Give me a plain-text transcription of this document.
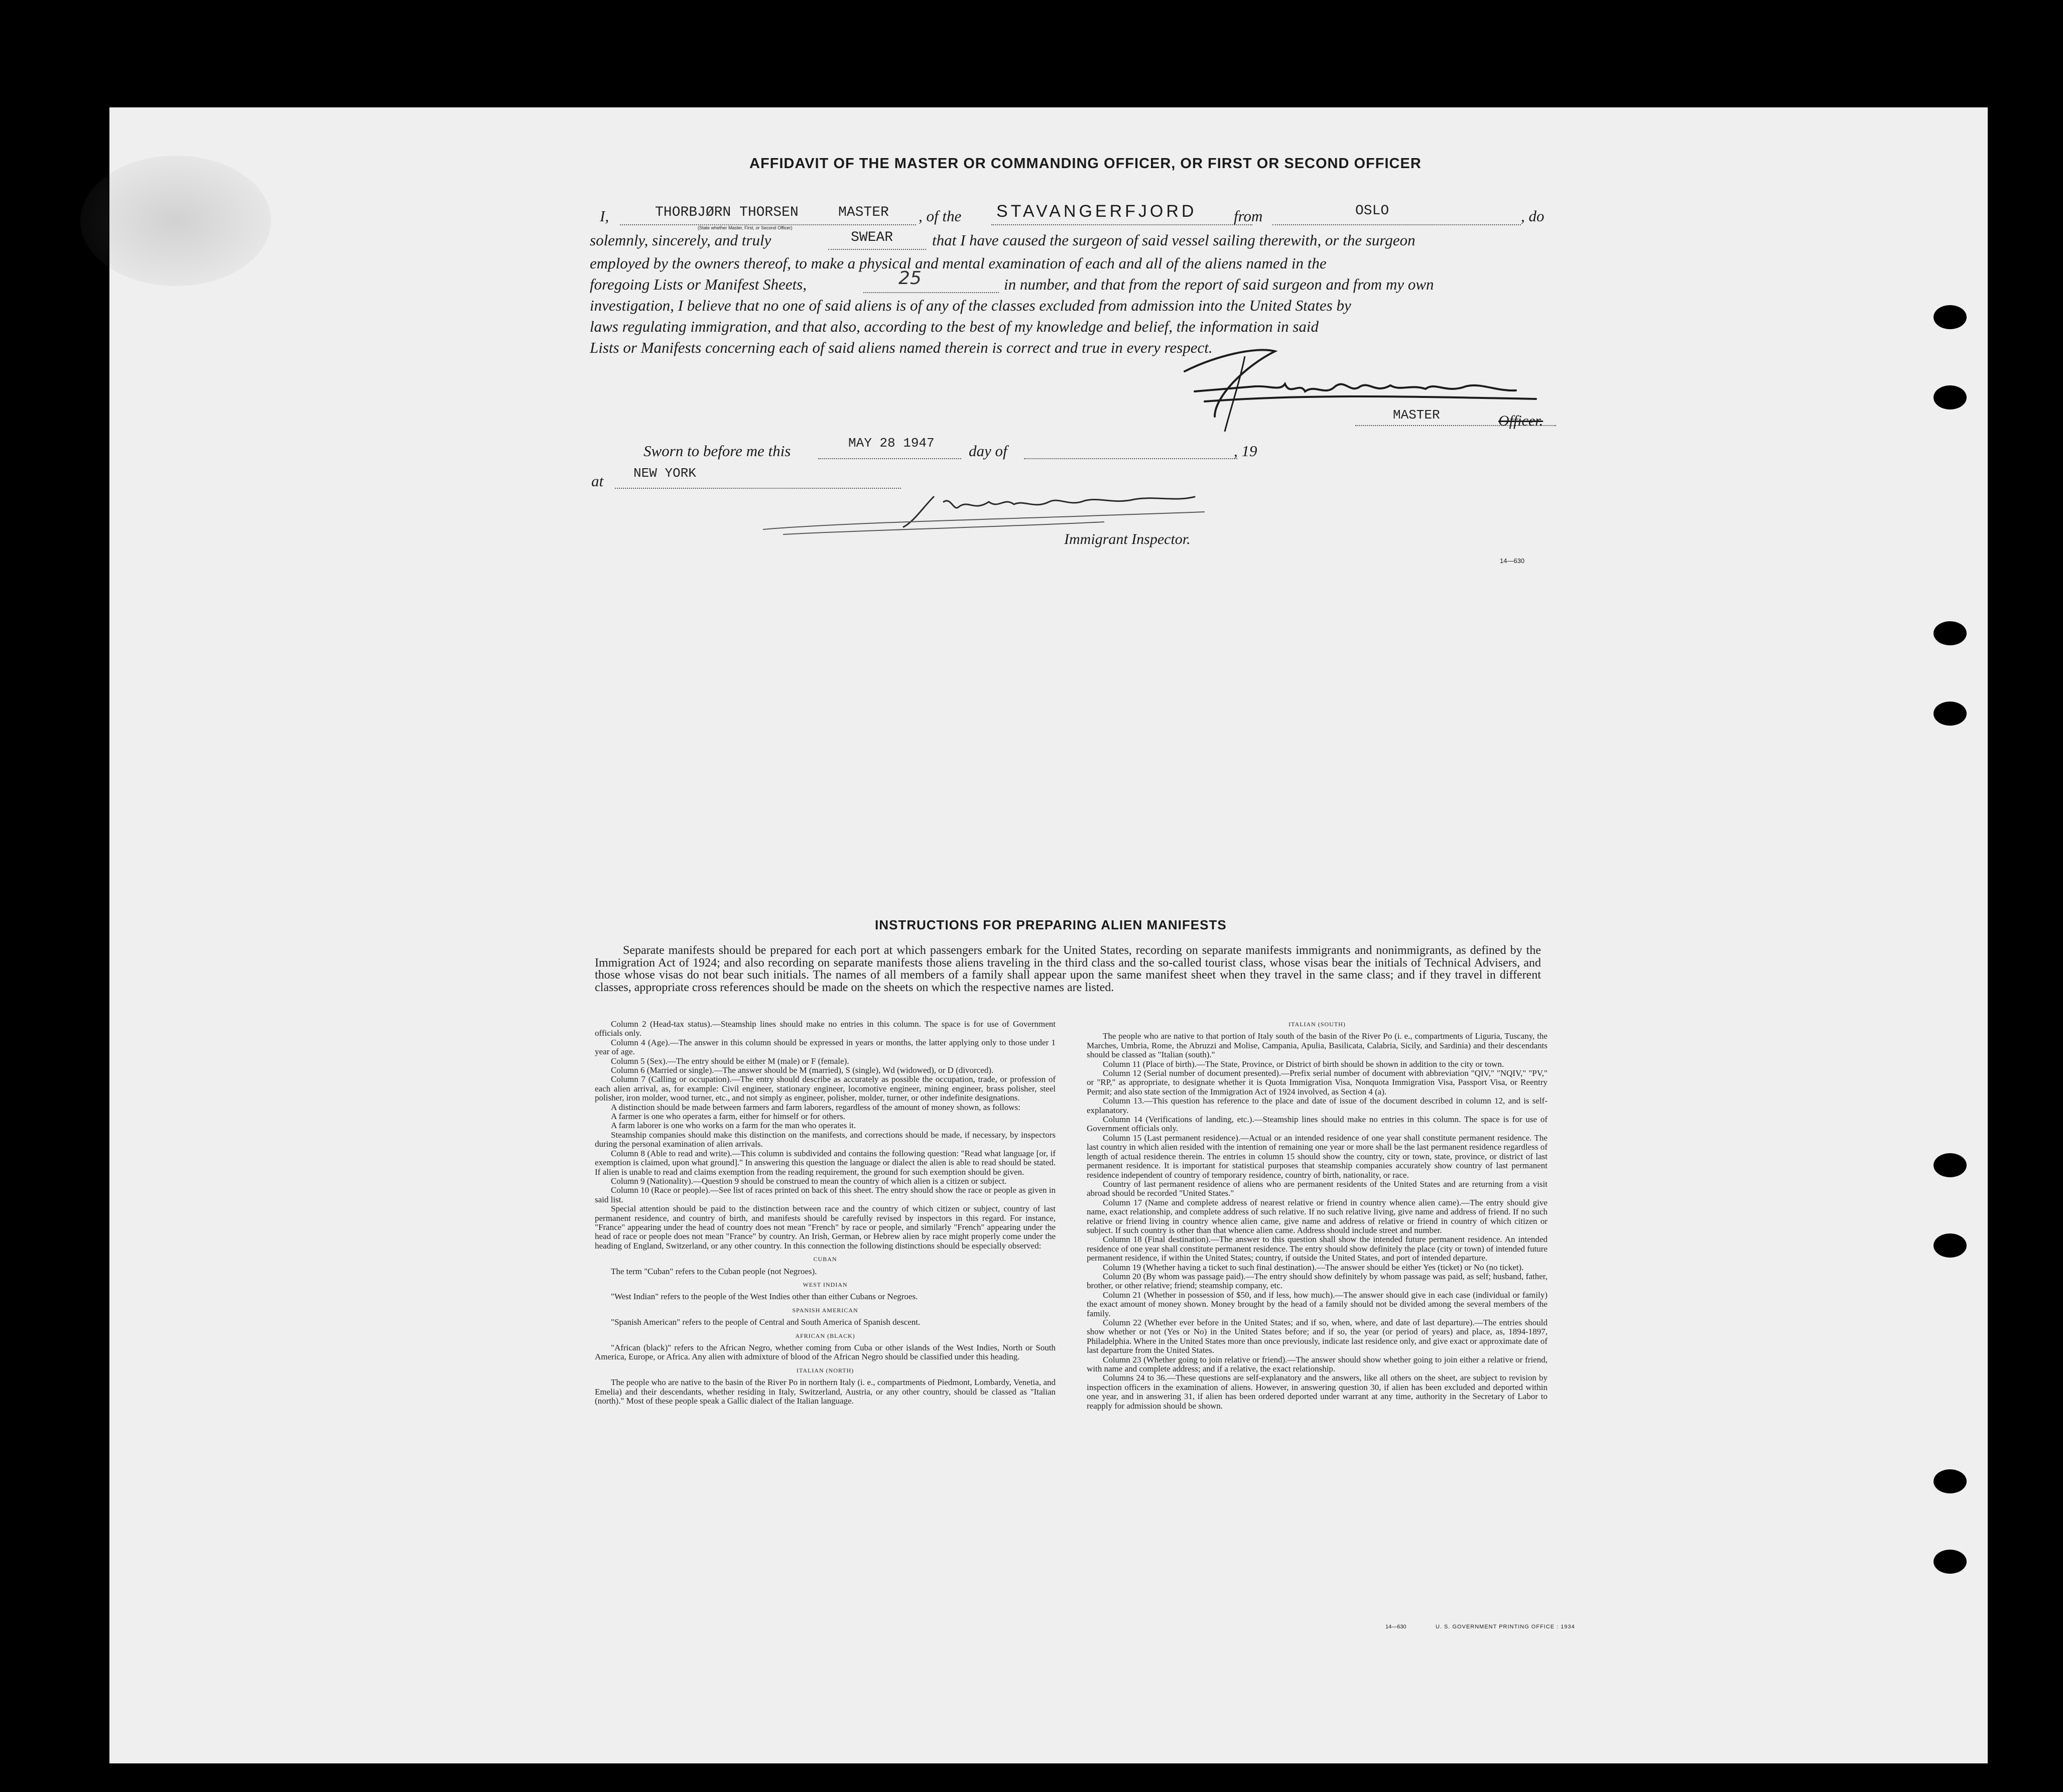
AFFIDAVIT OF THE MASTER OR COMMANDING OFFICER, OR FIRST OR SECOND OFFICER
I,	THORBJØRN THORSEN	MASTER
(State whether Master, First, or Second Officer)
, of the STAVANGERFJORD from	OSLO	, do
solemnly, sincerely, and truly	SWEAR	that I have caused the surgeon of said vessel sailing therewith, or the surgeon
employed by the owners thereof, to make a physical and mental examination of each and all of the aliens named in the
foregoing Lists or Manifest Sheets,	25	in number, and that from the report of said surgeon and from my own
investigation, I believe that no one of said aliens is of any of the classes excluded from admission into the United States by
laws regulating immigration, and that also, according to the best of my knowledge and belief, the information in said
Lists or Manifests concerning each of said aliens named therein is correct and true in every respect.
MASTER	Officer.
Sworn to before me this	MAY 28 1947 day of	, 19
at NEW YORK
Immigrant Inspector.
14—630
INSTRUCTIONS FOR PREPARING ALIEN MANIFESTS
Separate manifests should be prepared for each port at which passengers embark for the United States, recording on separate manifests immigrants and nonimmigrants, as defined by the Immigration Act of 1924; and also recording on separate manifests those aliens traveling in the third class and the so-called tourist class, whose visas bear the initials of Technical Advisers, and those whose visas do not bear such initials. The names of all members of a family shall appear upon the same manifest sheet when they travel in the same class; and if they travel in different classes, appropriate cross references should be made on the sheets on which the respective names are listed.

Column 2 (Head-tax status).—Steamship lines should make no entries in this column. The space is for use of Government officials only.

Column 4 (Age).—The answer in this column should be expressed in years or months, the latter applying only to those under 1 year of age.

Column 5 (Sex).—The entry should be either M (male) or F (female).

Column 6 (Married or single).—The answer should be M (married), S (single), Wd (widowed), or D (divorced).

Column 7 (Calling or occupation).—The entry should describe as accurately as possible the occupation, trade, or profession of each alien arrival, as, for example: Civil engineer, stationary engineer, locomotive engineer, mining engineer, brass polisher, steel polisher, iron molder, wood turner, etc., and not simply as engineer, polisher, molder, turner, or other indefinite designations.

A distinction should be made between farmers and farm laborers, regardless of the amount of money shown, as follows:

A farmer is one who operates a farm, either for himself or for others.

A farm laborer is one who works on a farm for the man who operates it.

Steamship companies should make this distinction on the manifests, and corrections should be made, if necessary, by inspectors during the personal examination of alien arrivals.

Column 8 (Able to read and write).—This column is subdivided and contains the following question: "Read what language [or, if exemption is claimed, upon what ground]." In answering this question the language or dialect the alien is able to read should be stated. If alien is unable to read and claims exemption from the reading requirement, the ground for such exemption should be given.

Column 9 (Nationality).—Question 9 should be construed to mean the country of which alien is a citizen or subject.

Column 10 (Race or people).—See list of races printed on back of this sheet. The entry should show the race or people as given in said list.

Special attention should be paid to the distinction between race and the country of which citizen or subject, country of last permanent residence, and country of birth, and manifests should be carefully revised by inspectors in this regard. For instance, "France" appearing under the head of country does not mean "French" by race or people, and similarly "French" appearing under the head of race or people does not mean "France" by country. An Irish, German, or Hebrew alien by race might properly come under the heading of England, Switzerland, or any other country. In this connection the following distinctions should be especially observed:

CUBAN

The term "Cuban" refers to the Cuban people (not Negroes).

WEST INDIAN

"West Indian" refers to the people of the West Indies other than either Cubans or Negroes.

SPANISH AMERICAN

"Spanish American" refers to the people of Central and South America of Spanish descent.

AFRICAN (BLACK)

"African (black)" refers to the African Negro, whether coming from Cuba or other islands of the West Indies, North or South America, Europe, or Africa. Any alien with admixture of blood of the African Negro should be classified under this heading.

ITALIAN (NORTH)

The people who are native to the basin of the River Po in northern Italy (i. e., compartments of Piedmont, Lombardy, Venetia, and Emelia) and their descendants, whether residing in Italy, Switzerland, Austria, or any other country, should be classed as "Italian (north)." Most of these people speak a Gallic dialect of the Italian language.

ITALIAN (SOUTH)

The people who are native to that portion of Italy south of the basin of the River Po (i. e., compartments of Liguria, Tuscany, the Marches, Umbria, Rome, the Abruzzi and Molise, Campania, Apulia, Basilicata, Calabria, Sicily, and Sardinia) and their descendants should be classed as "Italian (south)."

Column 11 (Place of birth).—The State, Province, or District of birth should be shown in addition to the city or town.

Column 12 (Serial number of document presented).—Prefix serial number of document with abbreviation "QIV," "NQIV," "PV," or "RP," as appropriate, to designate whether it is Quota Immigration Visa, Nonquota Immigration Visa, Passport Visa, or Reentry Permit; and also state section of the Immigration Act of 1924 involved, as Section 4 (a).

Column 13.—This question has reference to the place and date of issue of the document described in column 12, and is self-explanatory.

Column 14 (Verifications of landing, etc.).—Steamship lines should make no entries in this column. The space is for use of Government officials only.

Column 15 (Last permanent residence).—Actual or an intended residence of one year shall constitute permanent residence. The last country in which alien resided with the intention of remaining one year or more shall be the last permanent residence regardless of length of actual residence therein. The entries in column 15 should show the country, city or town, state, province, or district of last permanent residence. It is important for statistical purposes that steamship companies accurately show country of last permanent residence independent of country of temporary residence, country of birth, nationality, or race.

Country of last permanent residence of aliens who are permanent residents of the United States and are returning from a visit abroad should be recorded "United States."

Column 17 (Name and complete address of nearest relative or friend in country whence alien came).—The entry should give name, exact relationship, and complete address of such relative. If no such relative living, give name and address of friend. If no such relative or friend living in country whence alien came, give name and address of relative or friend in country of which citizen or subject. If such country is other than that whence alien came. Address should include street and number.

Column 18 (Final destination).—The answer to this question shall show the intended future permanent residence. An intended residence of one year shall constitute permanent residence. The entry should show definitely the place (city or town) of intended future permanent residence, if within the United States; country, if outside the United States, and port of intended departure.

Column 19 (Whether having a ticket to such final destination).—The answer should be either Yes (ticket) or No (no ticket).

Column 20 (By whom was passage paid).—The entry should show definitely by whom passage was paid, as self; husband, father, brother, or other relative; friend; steamship company, etc.

Column 21 (Whether in possession of $50, and if less, how much).—The answer should give in each case (individual or family) the exact amount of money shown. Money brought by the head of a family should not be divided among the several members of the family.

Column 22 (Whether ever before in the United States; and if so, when, where, and date of last departure).—The entries should show whether or not (Yes or No) in the United States before; and if so, the year (or period of years) and place, as, 1894-1897, Philadelphia. Where in the United States more than once previously, indicate last residence only, and give exact or approximate date of last departure from the United States.

Column 23 (Whether going to join relative or friend).—The answer should show whether going to join either a relative or friend, with name and complete address; and if a relative, the exact relationship.

Columns 24 to 36.—These questions are self-explanatory and the answers, like all others on the sheet, are subject to revision by inspection officers in the examination of aliens. However, in answering question 30, if alien has been excluded and deported within one year, and in answering 31, if alien has been ordered deported under warrant at any time, authority in the Secretary of Labor to reapply for admission should be shown.

14—630	U. S. GOVERNMENT PRINTING OFFICE : 1934
